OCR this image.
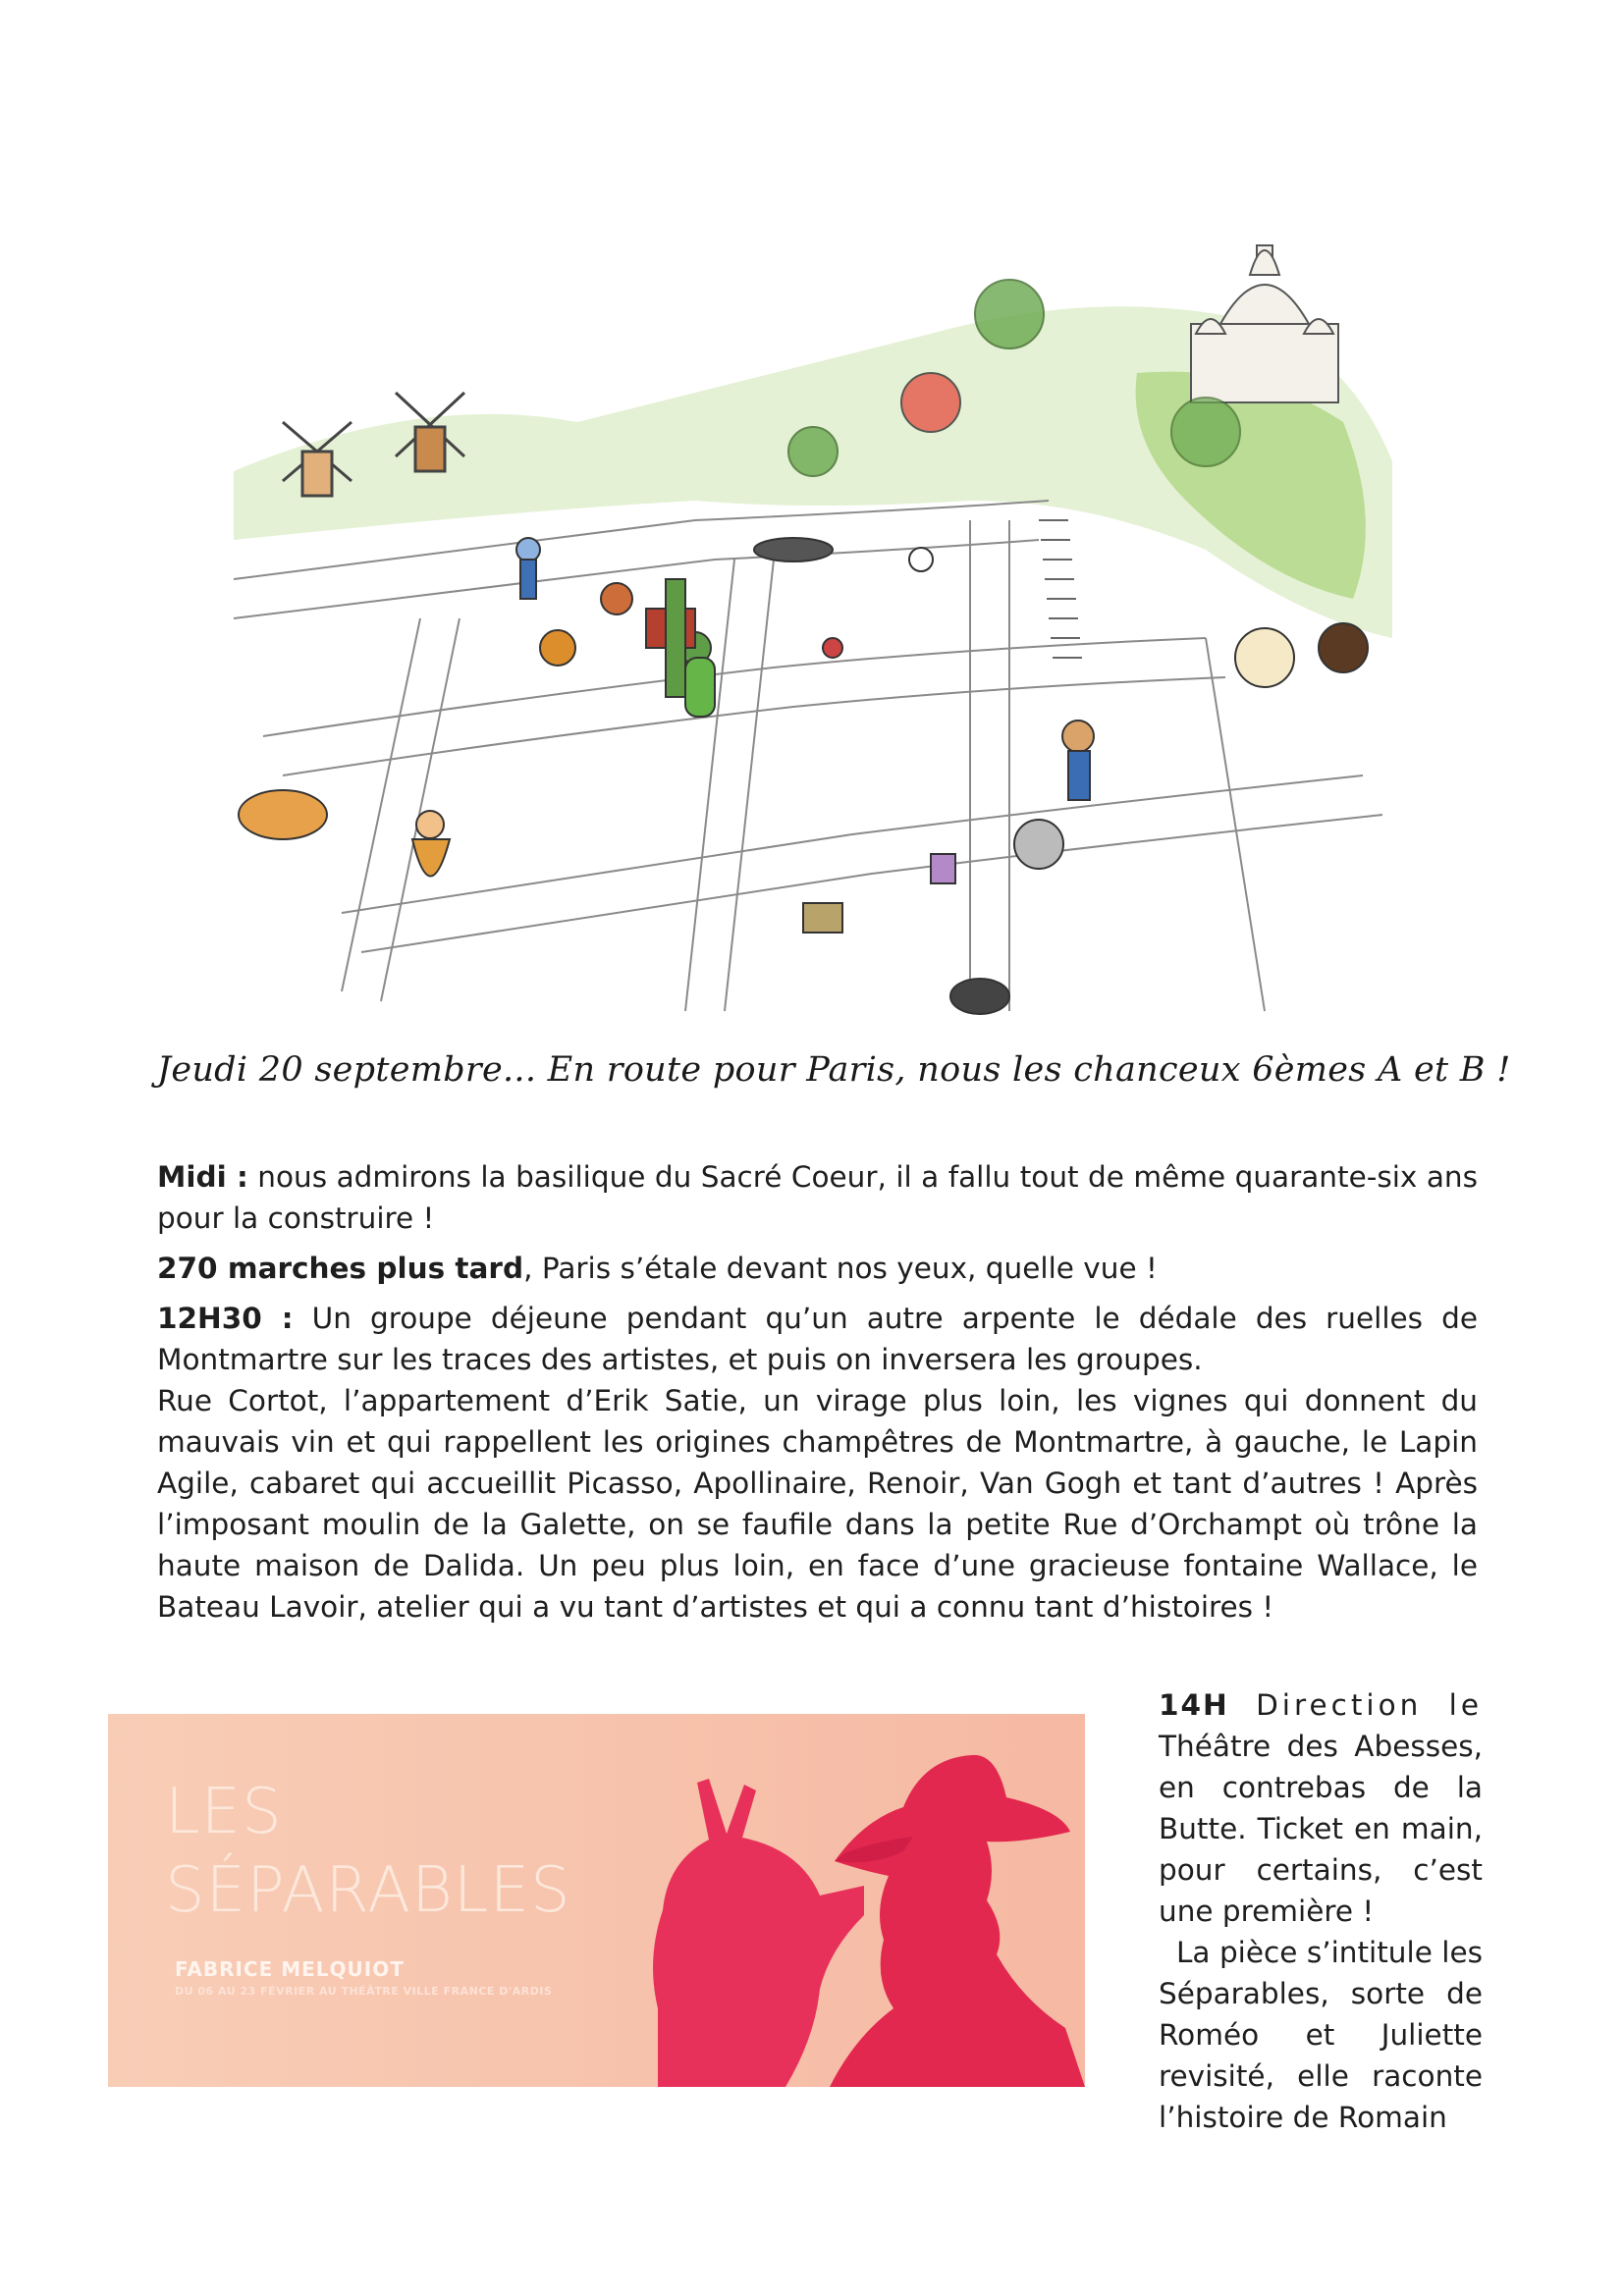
Jeudi 20 septembre... En route pour Paris, nous les chanceux 6èmes A et B !

Midi : nous admirons la basilique du Sacré Coeur, il a fallu tout de même quarante-six ans pour la construire !

270 marches plus tard, Paris s’étale devant nos yeux, quelle vue !

12H30 : Un groupe déjeune pendant qu’un autre arpente le dédale des ruelles de Montmartre sur les traces des artistes, et puis on inversera les groupes.

Rue Cortot, l’appartement d’Erik Satie, un virage plus loin, les vignes qui donnent du mauvais vin et qui rappellent les origines champêtres de Montmartre, à gauche, le Lapin Agile, cabaret qui accueillit Picasso, Apollinaire, Renoir, Van Gogh et tant d’autres ! Après l’imposant moulin de la Galette, on se faufile dans la petite Rue d’Orchampt où trône la haute maison de Dalida. Un peu plus loin, en face d’une gracieuse fontaine Wallace, le Bateau Lavoir, atelier qui a vu tant d’artistes et qui a connu tant d’histoires !

LES
SÉPARABLES
FABRICE MELQUIOT
DU 06 AU 23 FÉVRIER AU THÉÂTRE VILLE FRANCE D'ARDIS

14H Direction le Théâtre des Abesses, en contrebas de la Butte. Ticket en main, pour certains, c’est une première !

La pièce s’intitule les Séparables, sorte de Roméo et Juliette revisité, elle raconte l’histoire de Romain
